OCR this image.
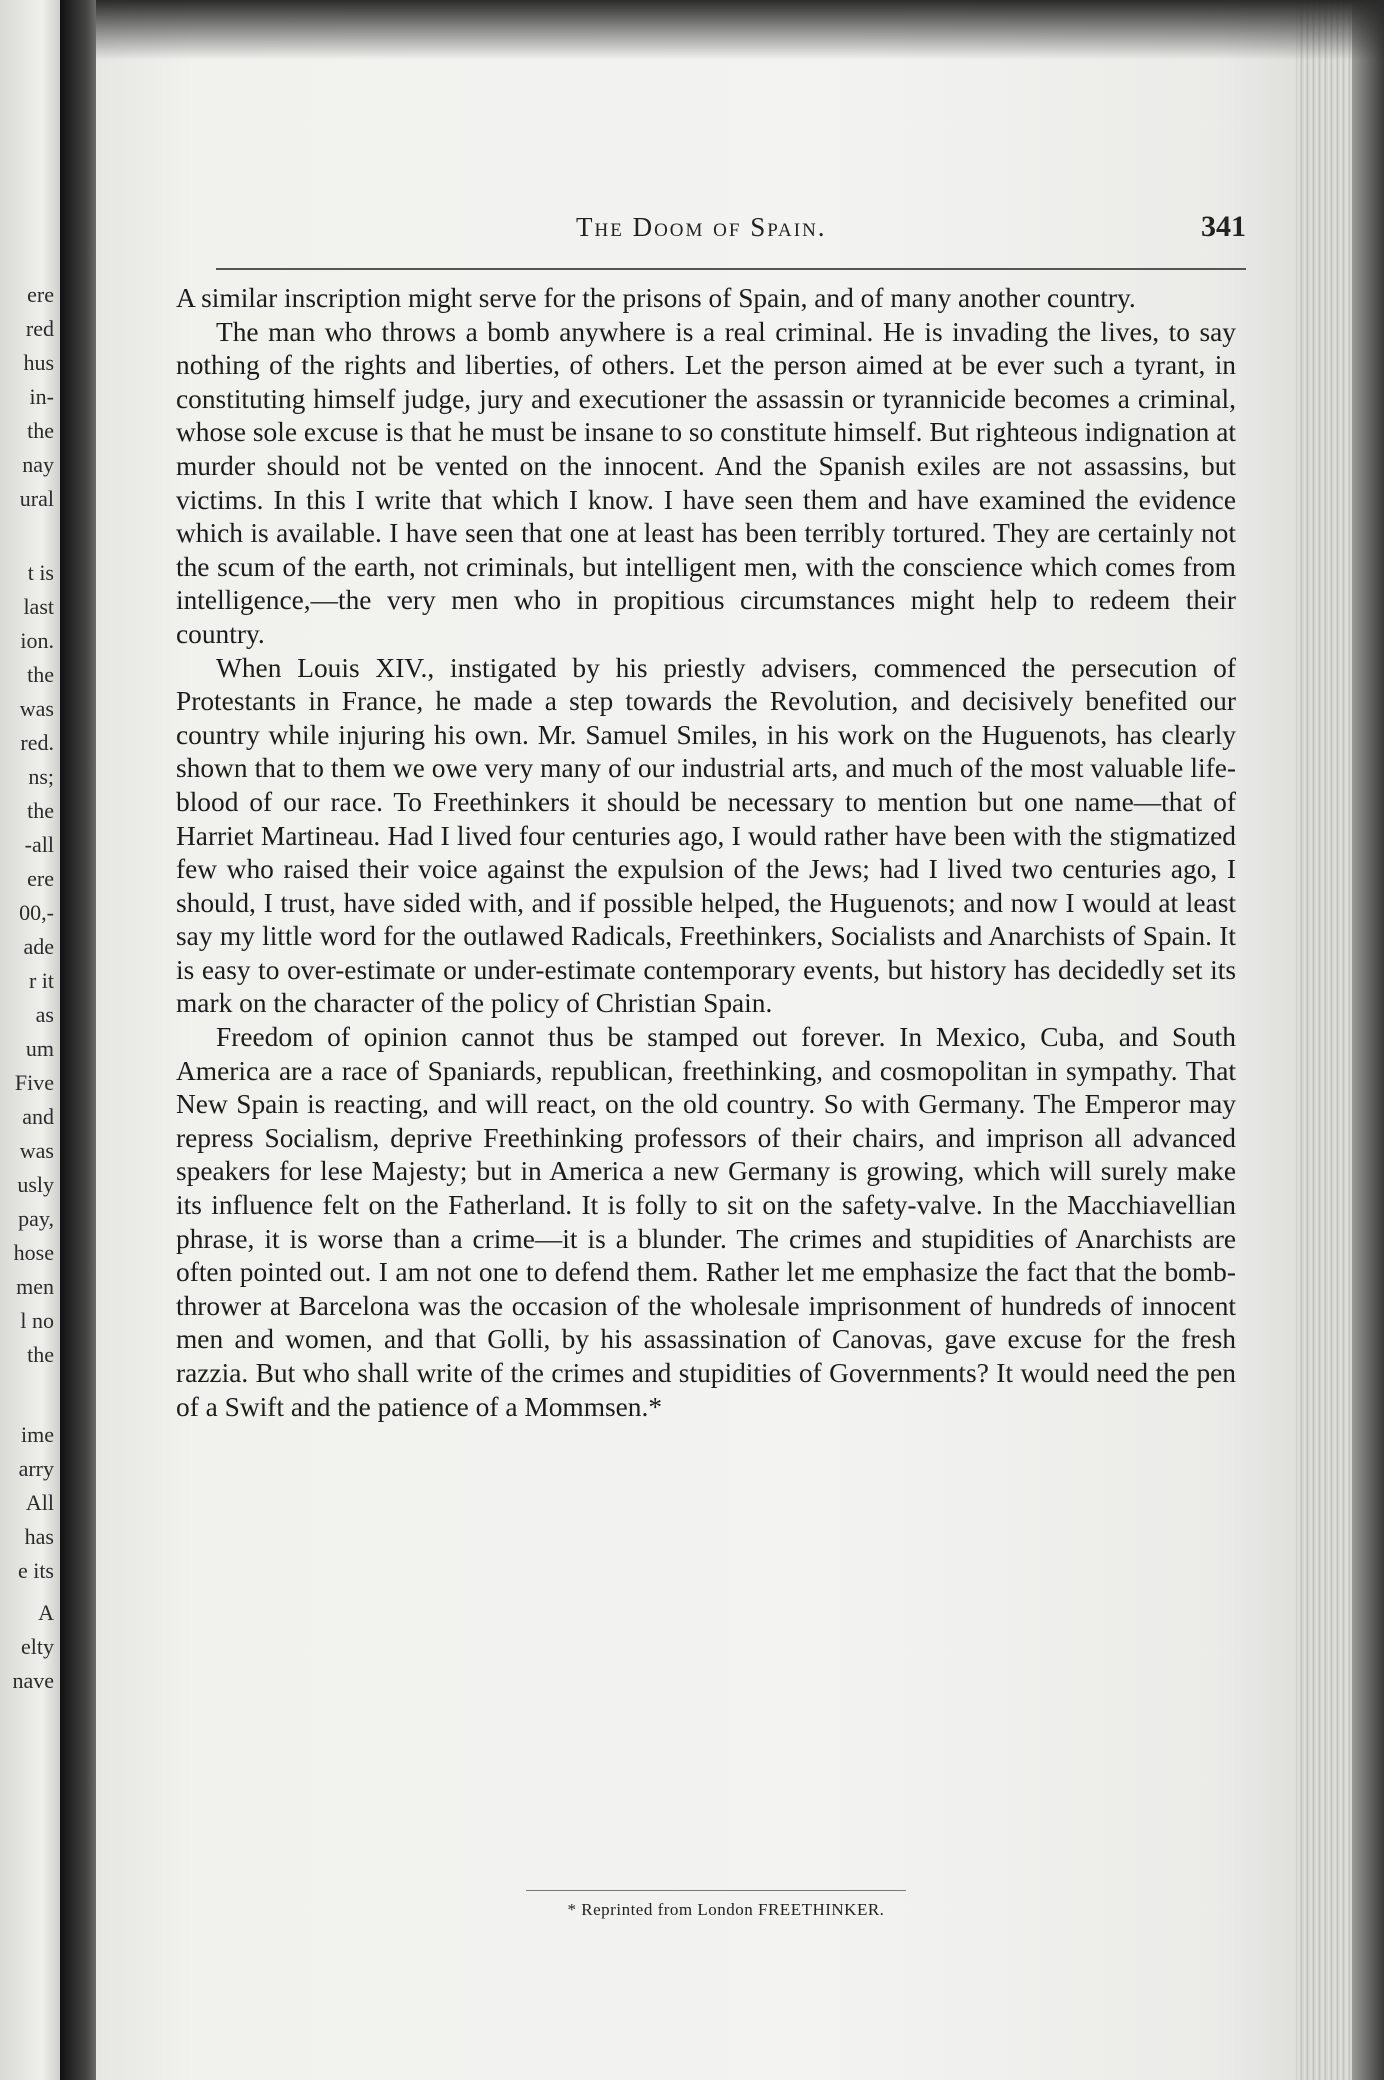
ere
red
hus
in-
the
nay
ural
t is
last
ion.
the
was
red.
ns;
the
-all
ere
00,-
ade
r it
as
um
Five
and
was
usly
pay,
hose
men
l no
the
ime
arry
All
has
e its
A
elty
nave
The Doom of Spain.	341

A similar inscription might serve for the prisons of Spain, and of many another country.

The man who throws a bomb anywhere is a real criminal. He is invading the lives, to say nothing of the rights and liberties, of others. Let the person aimed at be ever such a tyrant, in constituting himself judge, jury and executioner the assassin or tyrannicide becomes a criminal, whose sole excuse is that he must be insane to so constitute himself. But righteous indignation at murder should not be vented on the innocent. And the Spanish exiles are not assassins, but victims. In this I write that which I know. I have seen them and have examined the evidence which is available. I have seen that one at least has been terribly tortured. They are certainly not the scum of the earth, not criminals, but intelligent men, with the conscience which comes from intelligence,—the very men who in propitious circumstances might help to redeem their country.

When Louis XIV., instigated by his priestly advisers, commenced the persecution of Protestants in France, he made a step towards the Revolution, and decisively benefited our country while injuring his own. Mr. Samuel Smiles, in his work on the Huguenots, has clearly shown that to them we owe very many of our industrial arts, and much of the most valuable life-blood of our race. To Freethinkers it should be necessary to mention but one name—that of Harriet Martineau. Had I lived four centuries ago, I would rather have been with the stigmatized few who raised their voice against the expulsion of the Jews; had I lived two centuries ago, I should, I trust, have sided with, and if possible helped, the Huguenots; and now I would at least say my little word for the outlawed Radicals, Freethinkers, Socialists and Anarchists of Spain. It is easy to over-estimate or under-estimate contemporary events, but history has decidedly set its mark on the character of the policy of Christian Spain.

Freedom of opinion cannot thus be stamped out forever. In Mexico, Cuba, and South America are a race of Spaniards, republican, freethinking, and cosmopolitan in sympathy. That New Spain is reacting, and will react, on the old country. So with Germany. The Emperor may repress Socialism, deprive Freethinking professors of their chairs, and imprison all advanced speakers for lese Majesty; but in America a new Germany is growing, which will surely make its influence felt on the Fatherland. It is folly to sit on the safety-valve. In the Macchiavellian phrase, it is worse than a crime—it is a blunder. The crimes and stupidities of Anarchists are often pointed out. I am not one to defend them. Rather let me emphasize the fact that the bomb-thrower at Barcelona was the occasion of the wholesale imprisonment of hundreds of innocent men and women, and that Golli, by his assassination of Canovas, gave excuse for the fresh razzia. But who shall write of the crimes and stupidities of Governments? It would need the pen of a Swift and the patience of a Mommsen.*

* Reprinted from London FREETHINKER.
